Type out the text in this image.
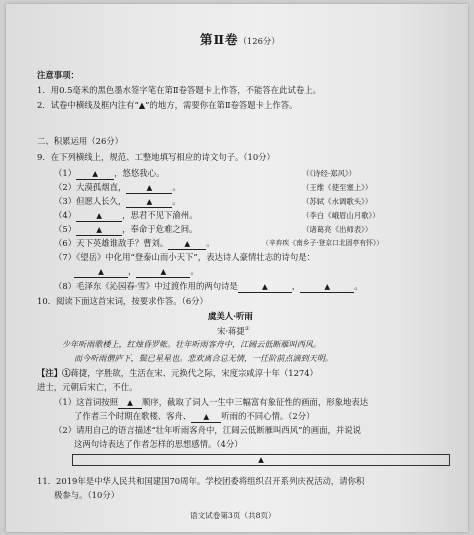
第Ⅱ卷（126分）
注意事项：
1．用0.5毫米的黑色墨水签字笔在第Ⅱ卷答题卡上作答，不能答在此试卷上。
2．试卷中横线及框内注有“▲”的地方，需要你在第Ⅱ卷答题卡上作答。
二、积累运用（26分）
9．在下列横线上，规范、工整地填写相应的诗文句子。（10分）
（1） ▲ ，悠悠我心。	（《诗经·郑风》）
（2）大漠孤烟直，	▲ 。	（王维《使至塞上》）
（3）但愿人长久，	▲ 。	（苏轼《水调歌头》）
（4）	▲ ，思君不见下渝州。	（李白《峨眉山月歌》）
（5）	▲ ，奉命于危难之间。	（诸葛亮《出师表》）
（6）天下英雄谁敌手？曹刘。 ▲ 。	（辛弃疾《南乡子·登京口北固亭有怀》）
（7）《望岳》中化用“登泰山而小天下”，表达诗人豪情壮志的诗句是：
▲	，	▲	。
（8）毛泽东《沁园春·雪》中过渡作用的两句诗是	▲	，	▲	。
10．阅读下面这首宋词，按要求作答。（6分）
虞美人·听雨
宋·蒋捷①
少年听雨歌楼上，红烛昏罗帐。壮年听雨客舟中，江阔云低断雁叫西风。
而今听雨僧庐下，鬓已星星也。悲欢离合总无情，一任阶前点滴到天明。
【注】①蒋捷，字胜欲，生活在宋、元换代之际，宋度宗咸淳十年（1274）
进士，元朝后宋亡，不仕。
（1）这首词按照 ▲ 顺序，截取了词人一生中三幅富有象征性的画面，形象地表达
了作者三个时期在歌楼、客舟、 ▲ 听雨的不同心情。（2分）
（2）请用自己的语言描述“壮年听雨客舟中，江阔云低断雁叫西风”的画面，并说说
这两句诗表达了作者怎样的思想感情。（4分）
▲
11．2019年是中华人民共和国建国70周年。学校团委将组织召开系列庆祝活动，请你积
极参与。（10分）
语文试卷第3页（共8页）
